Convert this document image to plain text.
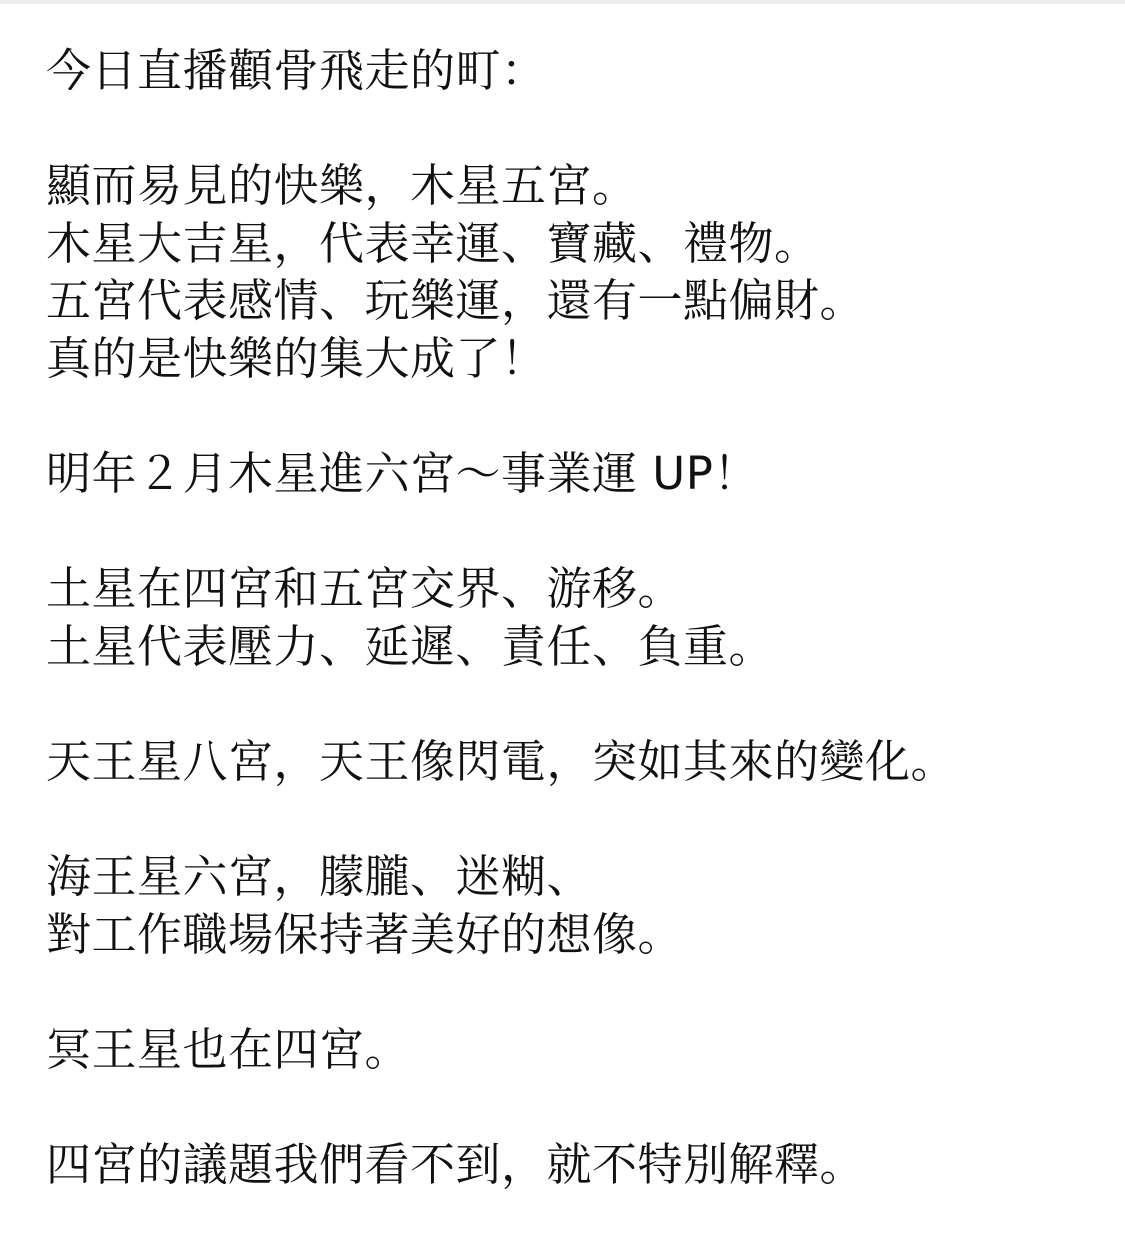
今日直播顴骨飛走的町：
顯而易見的快樂，木星五宮。
木星大吉星，代表幸運、寶藏、禮物。
五宮代表感情、玩樂運，還有一點偏財。
真的是快樂的集大成了！
明年２月木星進六宮～事業運 UP！
土星在四宮和五宮交界、游移。
土星代表壓力、延遲、責任、負重。
天王星八宮，天王像閃電，突如其來的變化。
海王星六宮，朦朧、迷糊、
對工作職場保持著美好的想像。
冥王星也在四宮。
四宮的議題我們看不到，就不特別解釋。
